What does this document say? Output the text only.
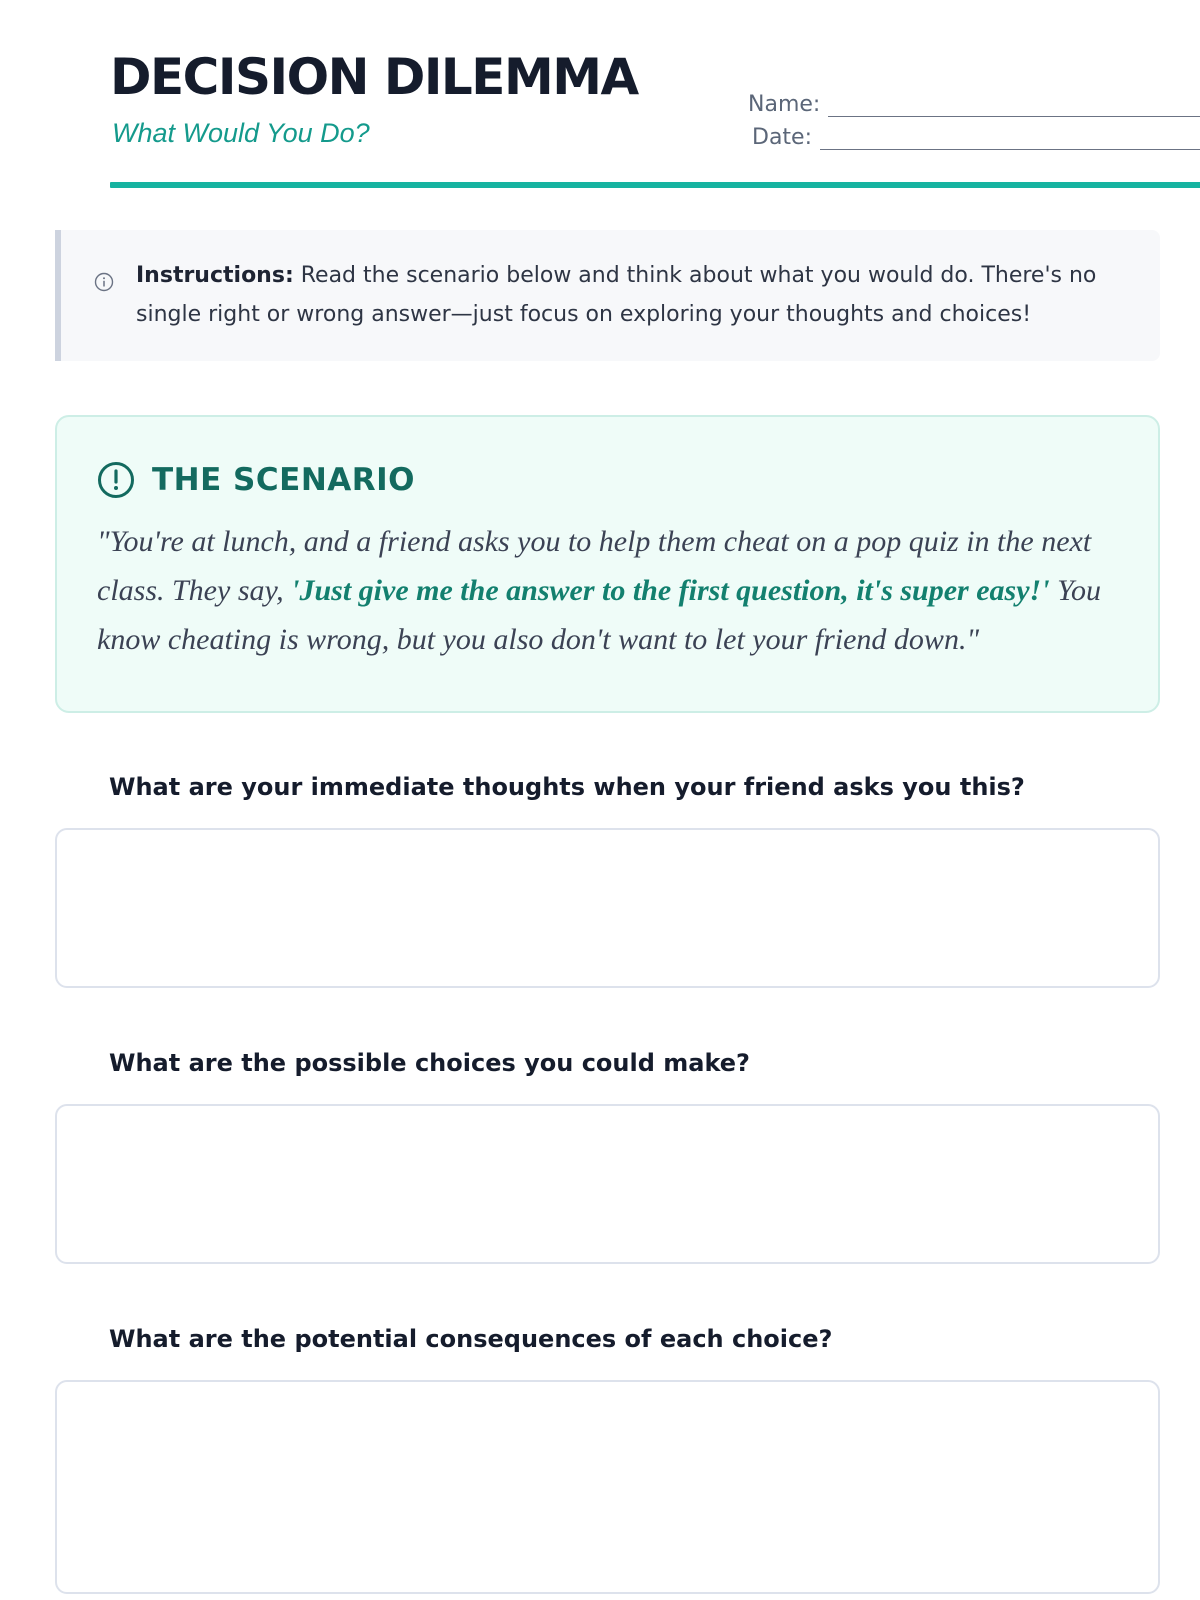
DECISION DILEMMA
What Would You Do?
Name:
Date:
Instructions: Read the scenario below and think about what you would do. There's no single right or wrong answer—just focus on exploring your thoughts and choices!
THE SCENARIO
"You're at lunch, and a friend asks you to help them cheat on a pop quiz in the next class. They say, 'Just give me the answer to the first question, it's super easy!' You know cheating is wrong, but you also don't want to let your friend down."
What are your immediate thoughts when your friend asks you this?
What are the possible choices you could make?
What are the potential consequences of each choice?
